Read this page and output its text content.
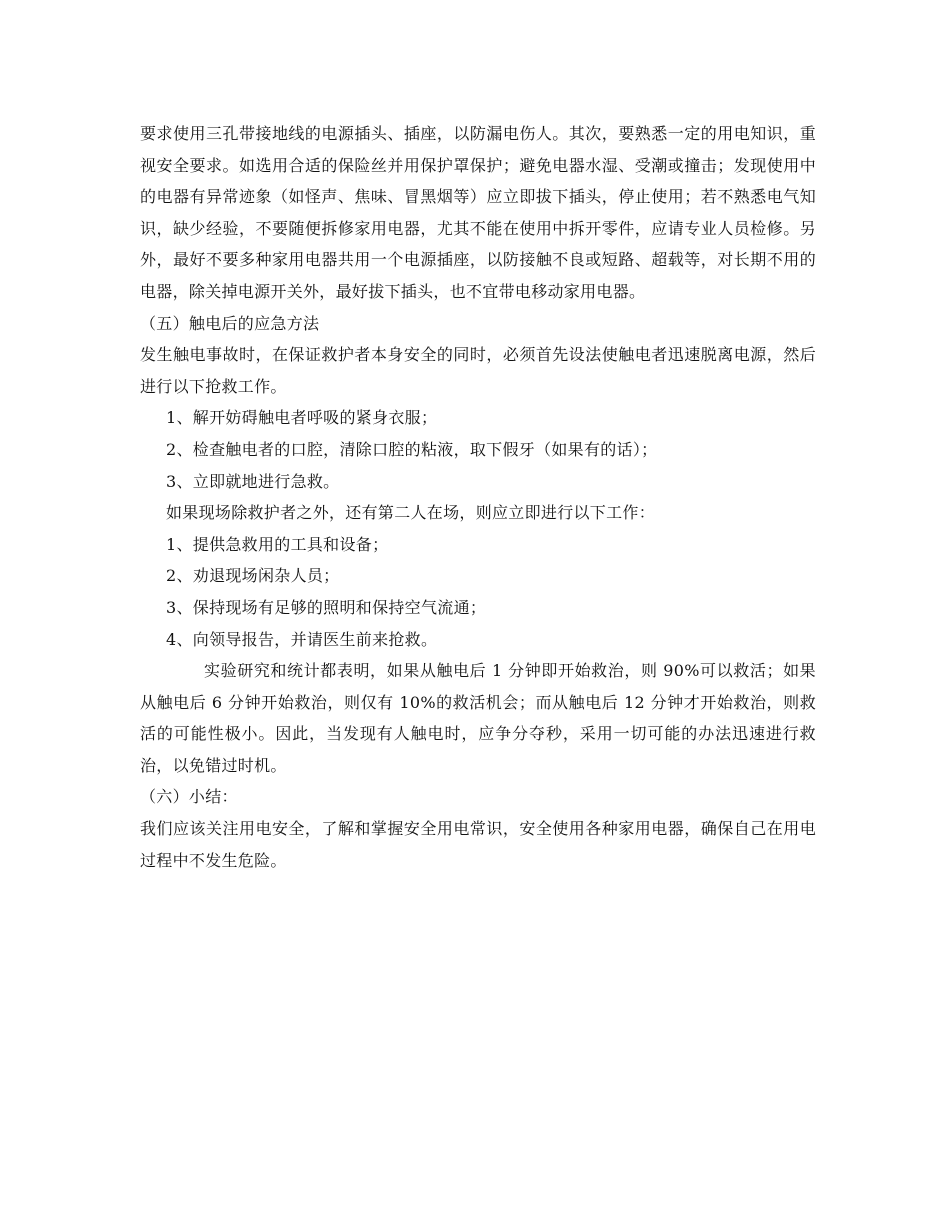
要求使用三孔带接地线的电源插头、插座，以防漏电伤人。其次，要熟悉一定的用电知识，重视安全要求。如选用合适的保险丝并用保护罩保护；避免电器水湿、受潮或撞击；发现使用中的电器有异常迹象（如怪声、焦味、冒黑烟等）应立即拔下插头，停止使用；若不熟悉电气知识，缺少经验，不要随便拆修家用电器，尤其不能在使用中拆开零件，应请专业人员检修。另外，最好不要多种家用电器共用一个电源插座，以防接触不良或短路、超载等，对长期不用的电器，除关掉电源开关外，最好拔下插头，也不宜带电移动家用电器。

（五）触电后的应急方法

发生触电事故时，在保证救护者本身安全的同时，必须首先设法使触电者迅速脱离电源，然后进行以下抢救工作。

1、解开妨碍触电者呼吸的紧身衣服；

2、检查触电者的口腔，清除口腔的粘液，取下假牙（如果有的话）；

3、立即就地进行急救。

如果现场除救护者之外，还有第二人在场，则应立即进行以下工作：

1、提供急救用的工具和设备；

2、劝退现场闲杂人员；

3、保持现场有足够的照明和保持空气流通；

4、向领导报告，并请医生前来抢救。

实验研究和统计都表明，如果从触电后 1 分钟即开始救治，则 90%可以救活；如果从触电后 6 分钟开始救治，则仅有 10%的救活机会；而从触电后 12 分钟才开始救治，则救活的可能性极小。因此，当发现有人触电时，应争分夺秒，采用一切可能的办法迅速进行救治，以免错过时机。

（六）小结：

我们应该关注用电安全，了解和掌握安全用电常识，安全使用各种家用电器，确保自己在用电过程中不发生危险。
